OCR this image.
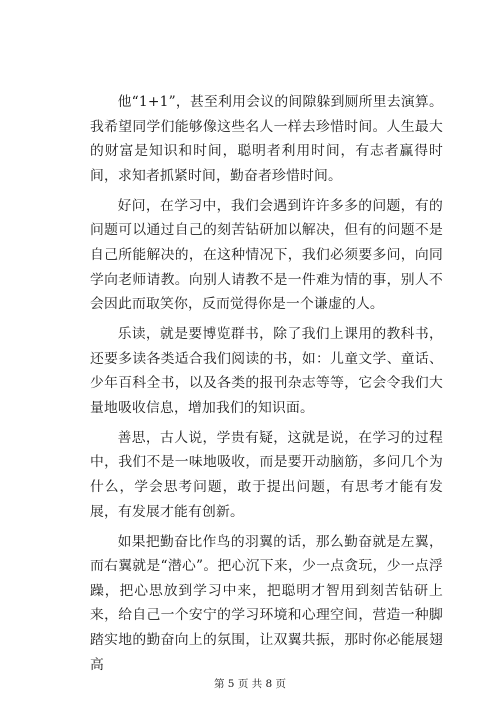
他“1+1”，甚至利用会议的间隙躲到厕所里去演算。我希望同学们能够像这些名人一样去珍惜时间。人生最大的财富是知识和时间，聪明者利用时间，有志者赢得时间，求知者抓紧时间，勤奋者珍惜时间。

好问，在学习中，我们会遇到许许多多的问题，有的问题可以通过自己的刻苦钻研加以解决，但有的问题不是自己所能解决的，在这种情况下，我们必须要多问，向同学向老师请教。向别人请教不是一件难为情的事，别人不会因此而取笑你，反而觉得你是一个谦虚的人。

乐读，就是要博览群书，除了我们上课用的教科书，还要多读各类适合我们阅读的书，如：儿童文学、童话、少年百科全书，以及各类的报刊杂志等等，它会令我们大量地吸收信息，增加我们的知识面。

善思，古人说，学贵有疑，这就是说，在学习的过程中，我们不是一味地吸收，而是要开动脑筋，多问几个为什么，学会思考问题，敢于提出问题，有思考才能有发展，有发展才能有创新。

如果把勤奋比作鸟的羽翼的话，那么勤奋就是左翼，而右翼就是“潜心”。把心沉下来，少一点贪玩，少一点浮躁，把心思放到学习中来，把聪明才智用到刻苦钻研上来，给自己一个安宁的学习环境和心理空间，营造一种脚踏实地的勤奋向上的氛围，让双翼共振，那时你必能展翅高

第 5 页 共 8 页
